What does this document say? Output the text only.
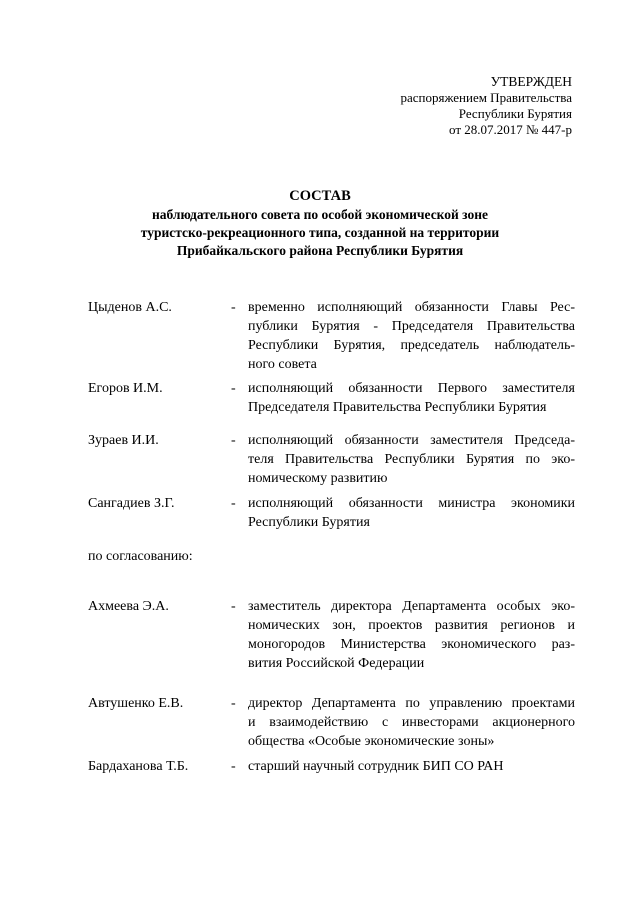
УТВЕРЖДЕН
распоряжением Правительства
Республики Бурятия
от 28.07.2017 № 447-р
СОСТАВ
наблюдательного совета по особой экономической зоне
туристско-рекреационного типа, созданной на территории
Прибайкальского района Республики Бурятия
Цыденов А.С.	- временно исполняющий обязанности Главы Рес-
публики Бурятия - Председателя Правительства
Республики Бурятия, председатель наблюдатель-
ного совета
Егоров И.М.	- исполняющий обязанности Первого заместителя
Председателя Правительства Республики Бурятия
Зураев И.И.	- исполняющий обязанности заместителя Председа-
теля Правительства Республики Бурятия по эко-
номическому развитию
Сангадиев З.Г.	- исполняющий обязанности министра экономики
Республики Бурятия
по согласованию:
Ахмеева Э.А.	- заместитель директора Департамента особых эко-
номических зон, проектов развития регионов и
моногородов Министерства экономического раз-
вития Российской Федерации
Автушенко Е.В.	- директор Департамента по управлению проектами
и взаимодействию с инвесторами акционерного
общества «Особые экономические зоны»
Бардаханова Т.Б.	- старший научный сотрудник БИП СО РАН
